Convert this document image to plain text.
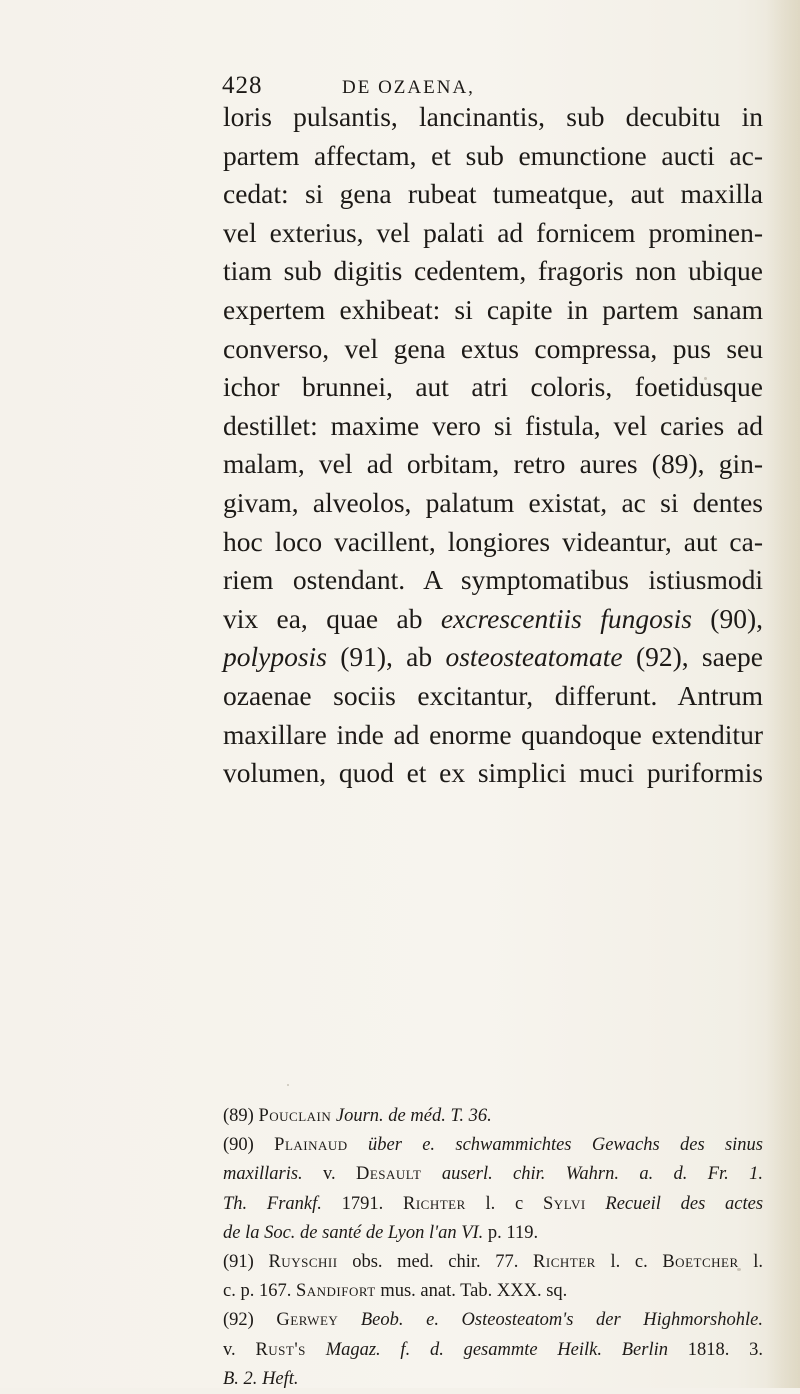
428	DE OZAENA,
loris pulsantis, lancinantis, sub decubitu in
partem affectam, et sub emunctione aucti ac-
cedat: si gena rubeat tumeatque, aut maxilla
vel exterius, vel palati ad fornicem prominen-
tiam sub digitis cedentem, fragoris non ubique
expertem exhibeat: si capite in partem sanam
converso, vel gena extus compressa, pus seu
ichor brunnei, aut atri coloris, foetidusque
destillet: maxime vero si fistula, vel caries ad
malam, vel ad orbitam, retro aures (89), gin-
givam, alveolos, palatum existat, ac si dentes
hoc loco vacillent, longiores videantur, aut ca-
riem ostendant. A symptomatibus istiusmodi
vix ea, quae ab excrescentiis fungosis (90),
polyposis (91), ab osteosteatomate (92), saepe
ozaenae sociis excitantur, differunt. Antrum
maxillare inde ad enorme quandoque extenditur
volumen, quod et ex simplici muci puriformis
(89) Pouclain Journ. de méd. T. 36.
(90) Plainaud über e. schwammichtes Gewachs des sinus
maxillaris. v. Desault auserl. chir. Wahrn. a. d. Fr. 1.
Th. Frankf. 1791. Richter l. c Sylvi Recueil des actes
de la Soc. de santé de Lyon l'an VI. p. 119.
(91) Ruyschii obs. med. chir. 77. Richter l. c. Boetcher l.
c. p. 167. Sandifort mus. anat. Tab. XXX. sq.
(92) Gerwey Beob. e. Osteosteatom's der Highmorshohle.
v. Rust's Magaz. f. d. gesammte Heilk. Berlin 1818. 3.
B. 2. Heft.
